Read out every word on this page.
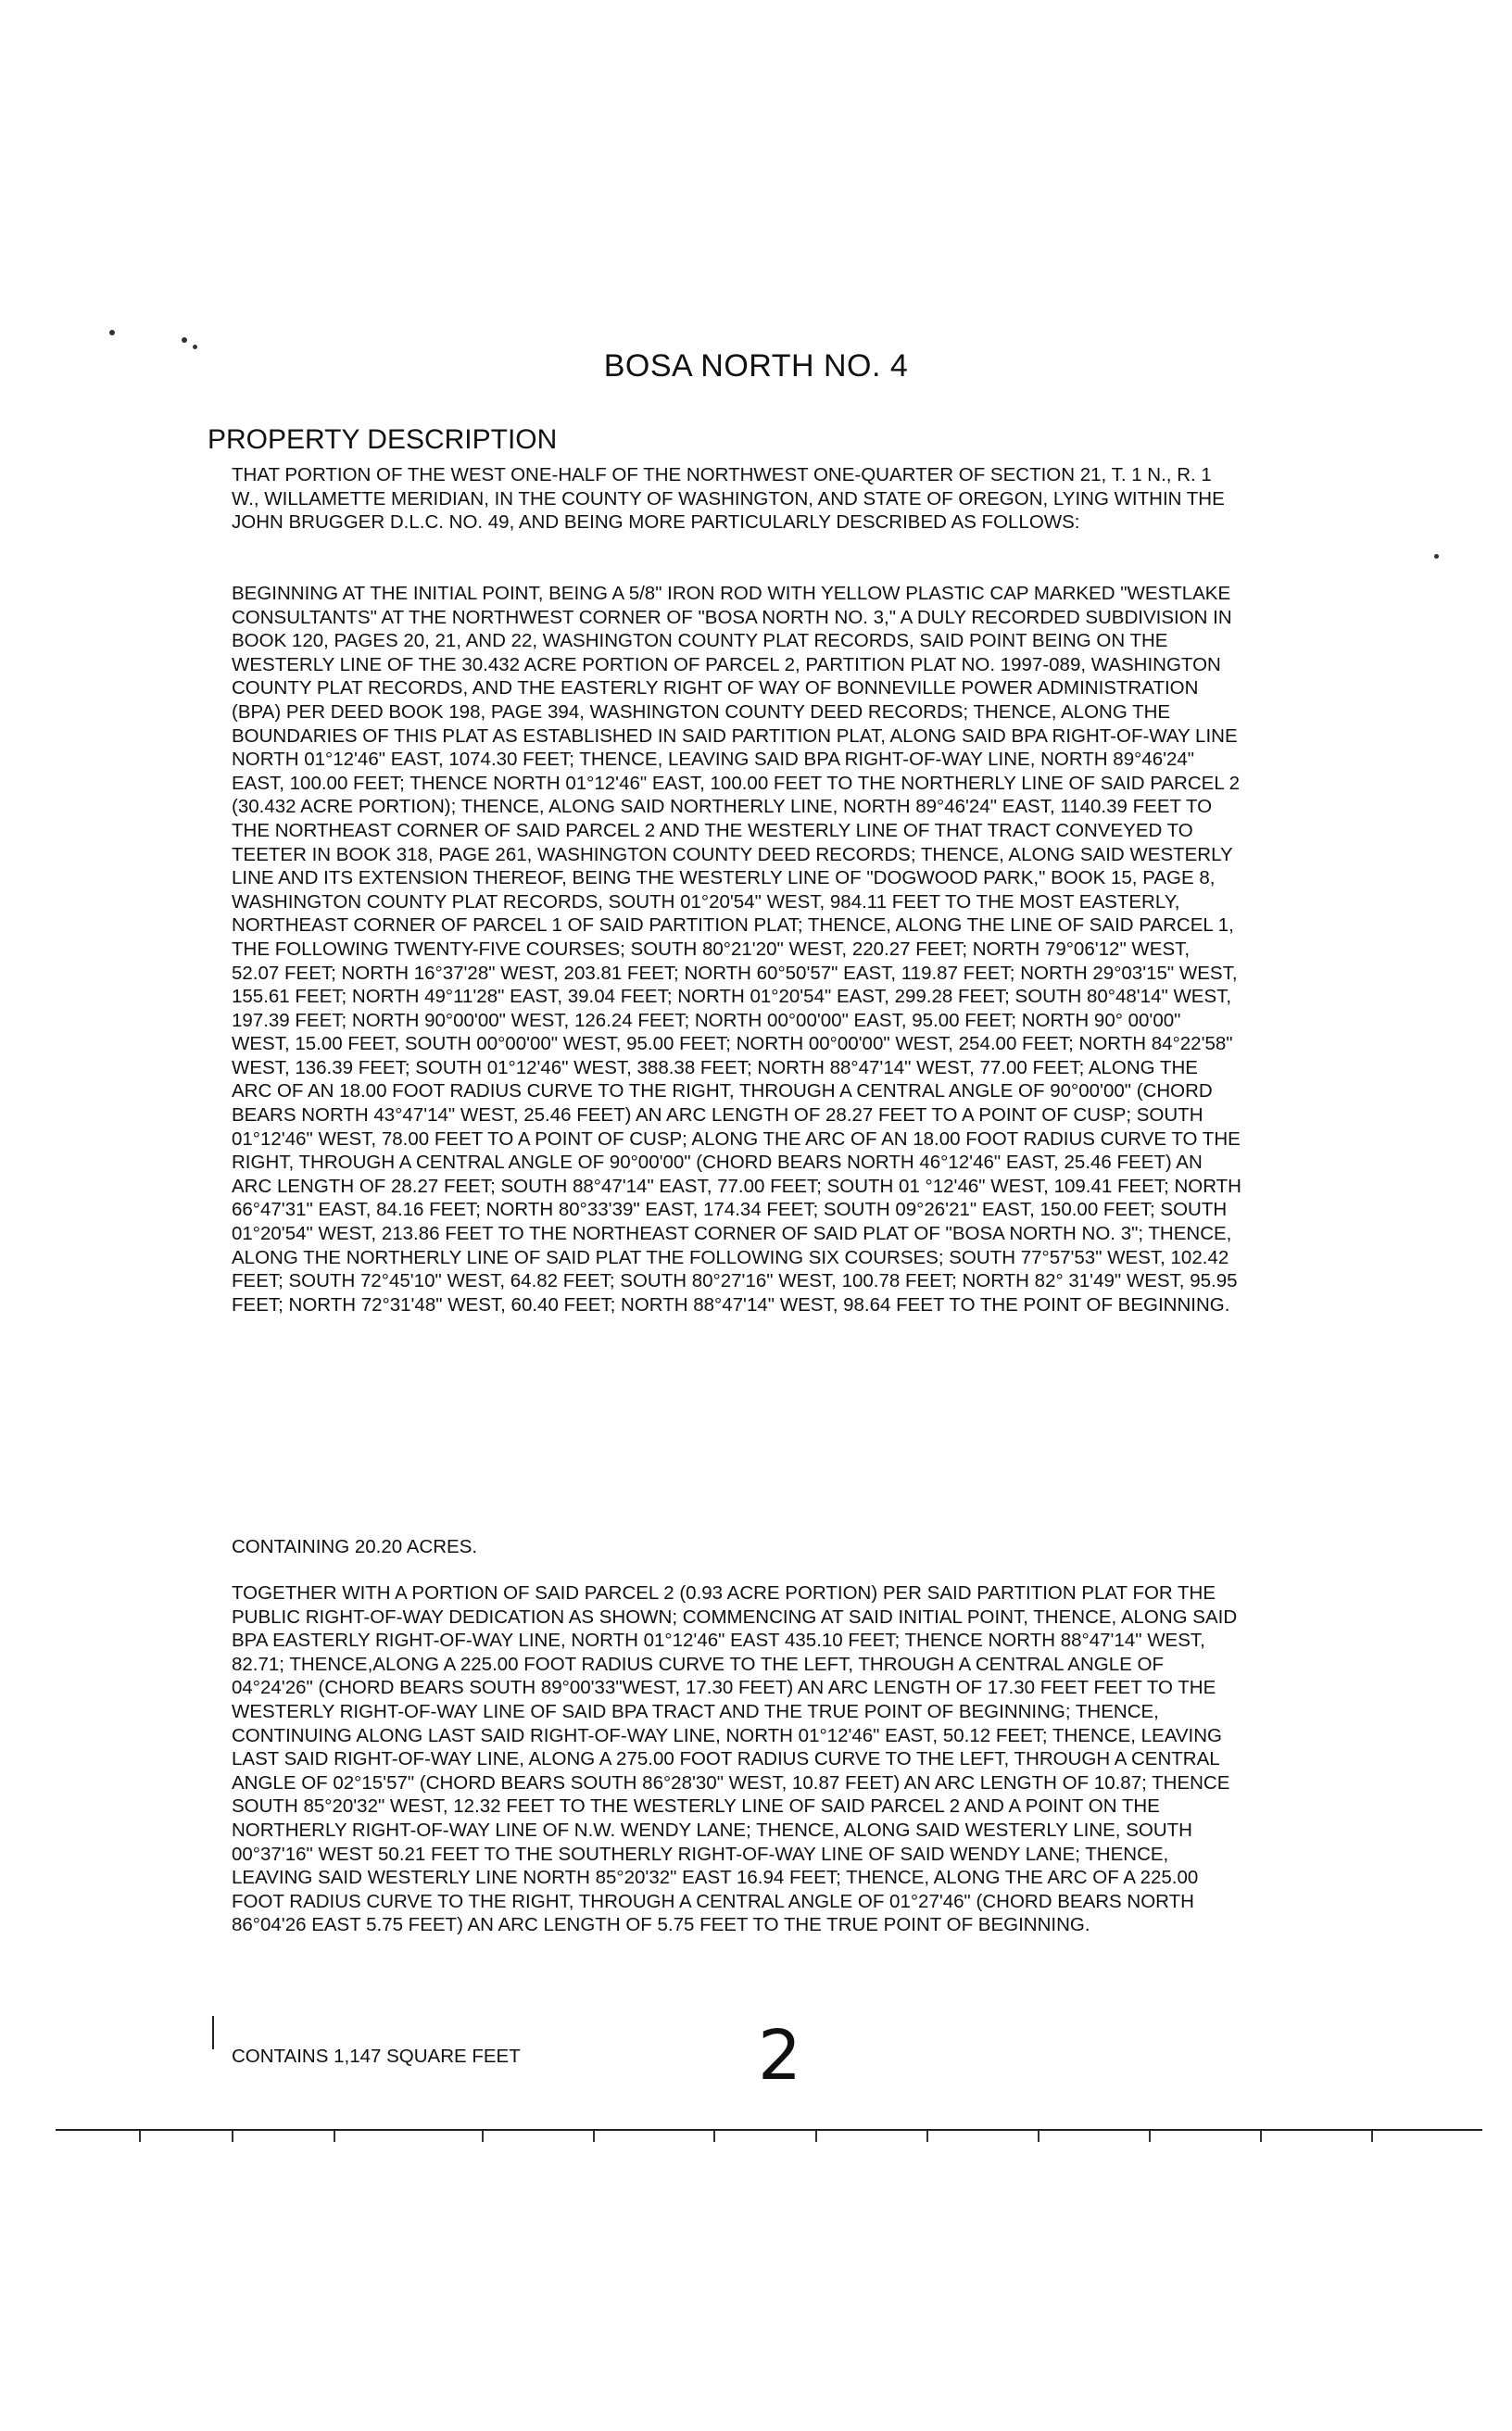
BOSA NORTH NO. 4
PROPERTY DESCRIPTION
THAT PORTION OF THE WEST ONE-HALF OF THE NORTHWEST ONE-QUARTER OF SECTION 21, T. 1 N., R. 1 W., WILLAMETTE MERIDIAN, IN THE COUNTY OF WASHINGTON, AND STATE OF OREGON, LYING WITHIN THE JOHN BRUGGER D.L.C. NO. 49, AND BEING MORE PARTICULARLY DESCRIBED AS FOLLOWS:
BEGINNING AT THE INITIAL POINT, BEING A 5/8" IRON ROD WITH YELLOW PLASTIC CAP MARKED "WESTLAKE CONSULTANTS" AT THE NORTHWEST CORNER OF "BOSA NORTH NO. 3," A DULY RECORDED SUBDIVISION IN BOOK 120, PAGES 20, 21, AND 22, WASHINGTON COUNTY PLAT RECORDS, SAID POINT BEING ON THE WESTERLY LINE OF THE 30.432 ACRE PORTION OF PARCEL 2, PARTITION PLAT NO. 1997-089, WASHINGTON COUNTY PLAT RECORDS, AND THE EASTERLY RIGHT OF WAY OF BONNEVILLE POWER ADMINISTRATION (BPA) PER DEED BOOK 198, PAGE 394, WASHINGTON COUNTY DEED RECORDS; THENCE, ALONG THE BOUNDARIES OF THIS PLAT AS ESTABLISHED IN SAID PARTITION PLAT, ALONG SAID BPA RIGHT-OF-WAY LINE NORTH 01°12'46" EAST, 1074.30 FEET; THENCE, LEAVING SAID BPA RIGHT-OF-WAY LINE, NORTH 89°46'24" EAST, 100.00 FEET; THENCE NORTH 01°12'46" EAST, 100.00 FEET TO THE NORTHERLY LINE OF SAID PARCEL 2 (30.432 ACRE PORTION); THENCE, ALONG SAID NORTHERLY LINE, NORTH 89°46'24" EAST, 1140.39 FEET TO THE NORTHEAST CORNER OF SAID PARCEL 2 AND THE WESTERLY LINE OF THAT TRACT CONVEYED TO TEETER IN BOOK 318, PAGE 261, WASHINGTON COUNTY DEED RECORDS; THENCE, ALONG SAID WESTERLY LINE AND ITS EXTENSION THEREOF, BEING THE WESTERLY LINE OF "DOGWOOD PARK," BOOK 15, PAGE 8, WASHINGTON COUNTY PLAT RECORDS, SOUTH 01°20'54" WEST, 984.11 FEET TO THE MOST EASTERLY, NORTHEAST CORNER OF PARCEL 1 OF SAID PARTITION PLAT; THENCE, ALONG THE LINE OF SAID PARCEL 1, THE FOLLOWING TWENTY-FIVE COURSES; SOUTH 80°21'20" WEST, 220.27 FEET; NORTH 79°06'12" WEST, 52.07 FEET; NORTH 16°37'28" WEST, 203.81 FEET; NORTH 60°50'57" EAST, 119.87 FEET; NORTH 29°03'15" WEST, 155.61 FEET; NORTH 49°11'28" EAST, 39.04 FEET; NORTH 01°20'54" EAST, 299.28 FEET; SOUTH 80°48'14" WEST, 197.39 FEET; NORTH 90°00'00" WEST, 126.24 FEET; NORTH 00°00'00" EAST, 95.00 FEET; NORTH 90° 00'00" WEST, 15.00 FEET, SOUTH 00°00'00" WEST, 95.00 FEET; NORTH 00°00'00" WEST, 254.00 FEET; NORTH 84°22'58" WEST, 136.39 FEET; SOUTH 01°12'46" WEST, 388.38 FEET; NORTH 88°47'14" WEST, 77.00 FEET; ALONG THE ARC OF AN 18.00 FOOT RADIUS CURVE TO THE RIGHT, THROUGH A CENTRAL ANGLE OF 90°00'00" (CHORD BEARS NORTH 43°47'14" WEST, 25.46 FEET) AN ARC LENGTH OF 28.27 FEET TO A POINT OF CUSP; SOUTH 01°12'46" WEST, 78.00 FEET TO A POINT OF CUSP; ALONG THE ARC OF AN 18.00 FOOT RADIUS CURVE TO THE RIGHT, THROUGH A CENTRAL ANGLE OF 90°00'00" (CHORD BEARS NORTH 46°12'46" EAST, 25.46 FEET) AN ARC LENGTH OF 28.27 FEET; SOUTH 88°47'14" EAST, 77.00 FEET; SOUTH 01 °12'46" WEST, 109.41 FEET; NORTH 66°47'31" EAST, 84.16 FEET; NORTH 80°33'39" EAST, 174.34 FEET; SOUTH 09°26'21" EAST, 150.00 FEET; SOUTH 01°20'54" WEST, 213.86 FEET TO THE NORTHEAST CORNER OF SAID PLAT OF "BOSA NORTH NO. 3"; THENCE, ALONG THE NORTHERLY LINE OF SAID PLAT THE FOLLOWING SIX COURSES; SOUTH 77°57'53" WEST, 102.42 FEET; SOUTH 72°45'10" WEST, 64.82 FEET; SOUTH 80°27'16" WEST, 100.78 FEET; NORTH 82° 31'49" WEST, 95.95 FEET; NORTH 72°31'48" WEST, 60.40 FEET; NORTH 88°47'14" WEST, 98.64 FEET TO THE POINT OF BEGINNING.
CONTAINING 20.20 ACRES.
TOGETHER WITH A PORTION OF SAID PARCEL 2 (0.93 ACRE PORTION) PER SAID PARTITION PLAT FOR THE PUBLIC RIGHT-OF-WAY DEDICATION AS SHOWN; COMMENCING AT SAID INITIAL POINT, THENCE, ALONG SAID BPA EASTERLY RIGHT-OF-WAY LINE, NORTH 01°12'46" EAST 435.10 FEET; THENCE NORTH 88°47'14" WEST, 82.71; THENCE,ALONG A 225.00 FOOT RADIUS CURVE TO THE LEFT, THROUGH A CENTRAL ANGLE OF 04°24'26" (CHORD BEARS SOUTH 89°00'33"WEST, 17.30 FEET) AN ARC LENGTH OF 17.30 FEET FEET TO THE WESTERLY RIGHT-OF-WAY LINE OF SAID BPA TRACT AND THE TRUE POINT OF BEGINNING; THENCE, CONTINUING ALONG LAST SAID RIGHT-OF-WAY LINE, NORTH 01°12'46" EAST, 50.12 FEET; THENCE, LEAVING LAST SAID RIGHT-OF-WAY LINE, ALONG A 275.00 FOOT RADIUS CURVE TO THE LEFT, THROUGH A CENTRAL ANGLE OF 02°15'57" (CHORD BEARS SOUTH 86°28'30" WEST, 10.87 FEET) AN ARC LENGTH OF 10.87; THENCE SOUTH 85°20'32" WEST, 12.32 FEET TO THE WESTERLY LINE OF SAID PARCEL 2 AND A POINT ON THE NORTHERLY RIGHT-OF-WAY LINE OF N.W. WENDY LANE; THENCE, ALONG SAID WESTERLY LINE, SOUTH 00°37'16" WEST 50.21 FEET TO THE SOUTHERLY RIGHT-OF-WAY LINE OF SAID WENDY LANE; THENCE, LEAVING SAID WESTERLY LINE NORTH 85°20'32" EAST 16.94 FEET; THENCE, ALONG THE ARC OF A 225.00 FOOT RADIUS CURVE TO THE RIGHT, THROUGH A CENTRAL ANGLE OF 01°27'46" (CHORD BEARS NORTH 86°04'26 EAST 5.75 FEET) AN ARC LENGTH OF 5.75 FEET TO THE TRUE POINT OF BEGINNING.
CONTAINS 1,147 SQUARE FEET	2
